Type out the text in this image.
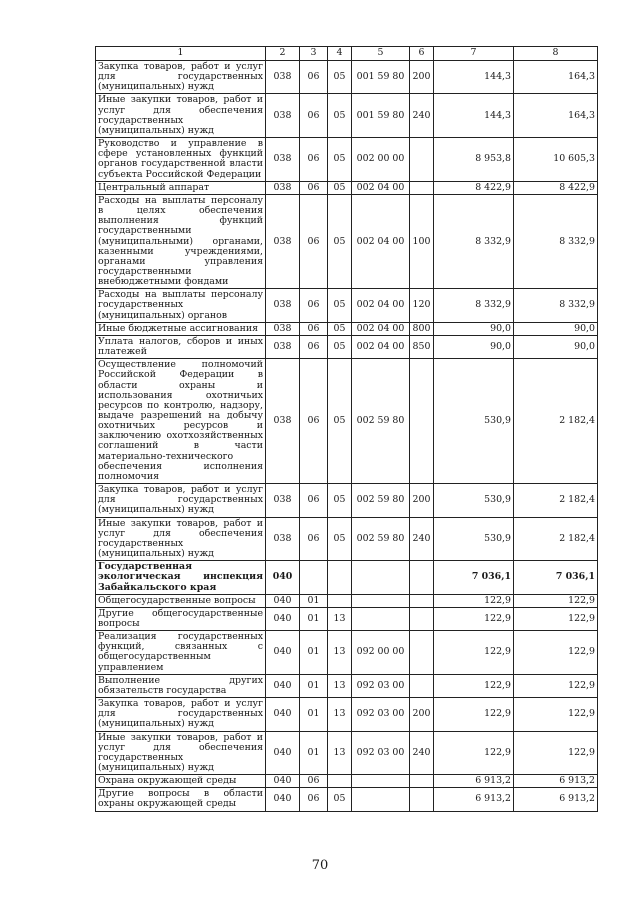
1	2	3	4	5	6	7	8
Закупка товаров, работ и услуг для государственных (муниципальных) нужд	038	06	05	001 59 80	200	144,3	164,3
Иные закупки товаров, работ и услуг для обеспечения государственных (муниципальных) нужд	038	06	05	001 59 80	240	144,3	164,3
Руководство и управление в сфере установленных функций органов государственной власти субъекта Российской Федерации	038	06	05	002 00 00		8 953,8	10 605,3
Центральный аппарат	038	06	05	002 04 00		8 422,9	8 422,9
Расходы на выплаты персоналу в целях обеспечения выполнения функций государственными (муниципальными) органами, казенными учреждениями, органами управления государственными внебюджетными фондами	038	06	05	002 04 00	100	8 332,9	8 332,9
Расходы на выплаты персоналу государственных (муниципальных) органов	038	06	05	002 04 00	120	8 332,9	8 332,9
Иные бюджетные ассигнования	038	06	05	002 04 00	800	90,0	90,0
Уплата налогов, сборов и иных платежей	038	06	05	002 04 00	850	90,0	90,0
Осуществление полномочий Российской Федерации в области охраны и использования охотничьих ресурсов по контролю, надзору, выдаче разрешений на добычу охотничьих ресурсов и заключению охотхозяйственных соглашений в части материально-технического обеспечения исполнения полномочия	038	06	05	002 59 80		530,9	2 182,4
Закупка товаров, работ и услуг для государственных (муниципальных) нужд	038	06	05	002 59 80	200	530,9	2 182,4
Иные закупки товаров, работ и услуг для обеспечения государственных (муниципальных) нужд	038	06	05	002 59 80	240	530,9	2 182,4
Государственная экологическая инспекция Забайкальского края	040					7 036,1	7 036,1
Общегосударственные вопросы	040	01				122,9	122,9
Другие общегосударственные вопросы	040	01	13			122,9	122,9
Реализация государственных функций, связанных с общегосударственным управлением	040	01	13	092 00 00		122,9	122,9
Выполнение других обязательств государства	040	01	13	092 03 00		122,9	122,9
Закупка товаров, работ и услуг для государственных (муниципальных) нужд	040	01	13	092 03 00	200	122,9	122,9
Иные закупки товаров, работ и услуг для обеспечения государственных (муниципальных) нужд	040	01	13	092 03 00	240	122,9	122,9
Охрана окружающей среды	040	06				6 913,2	6 913,2
Другие вопросы в области охраны окружающей среды	040	06	05			6 913,2	6 913,2
70
